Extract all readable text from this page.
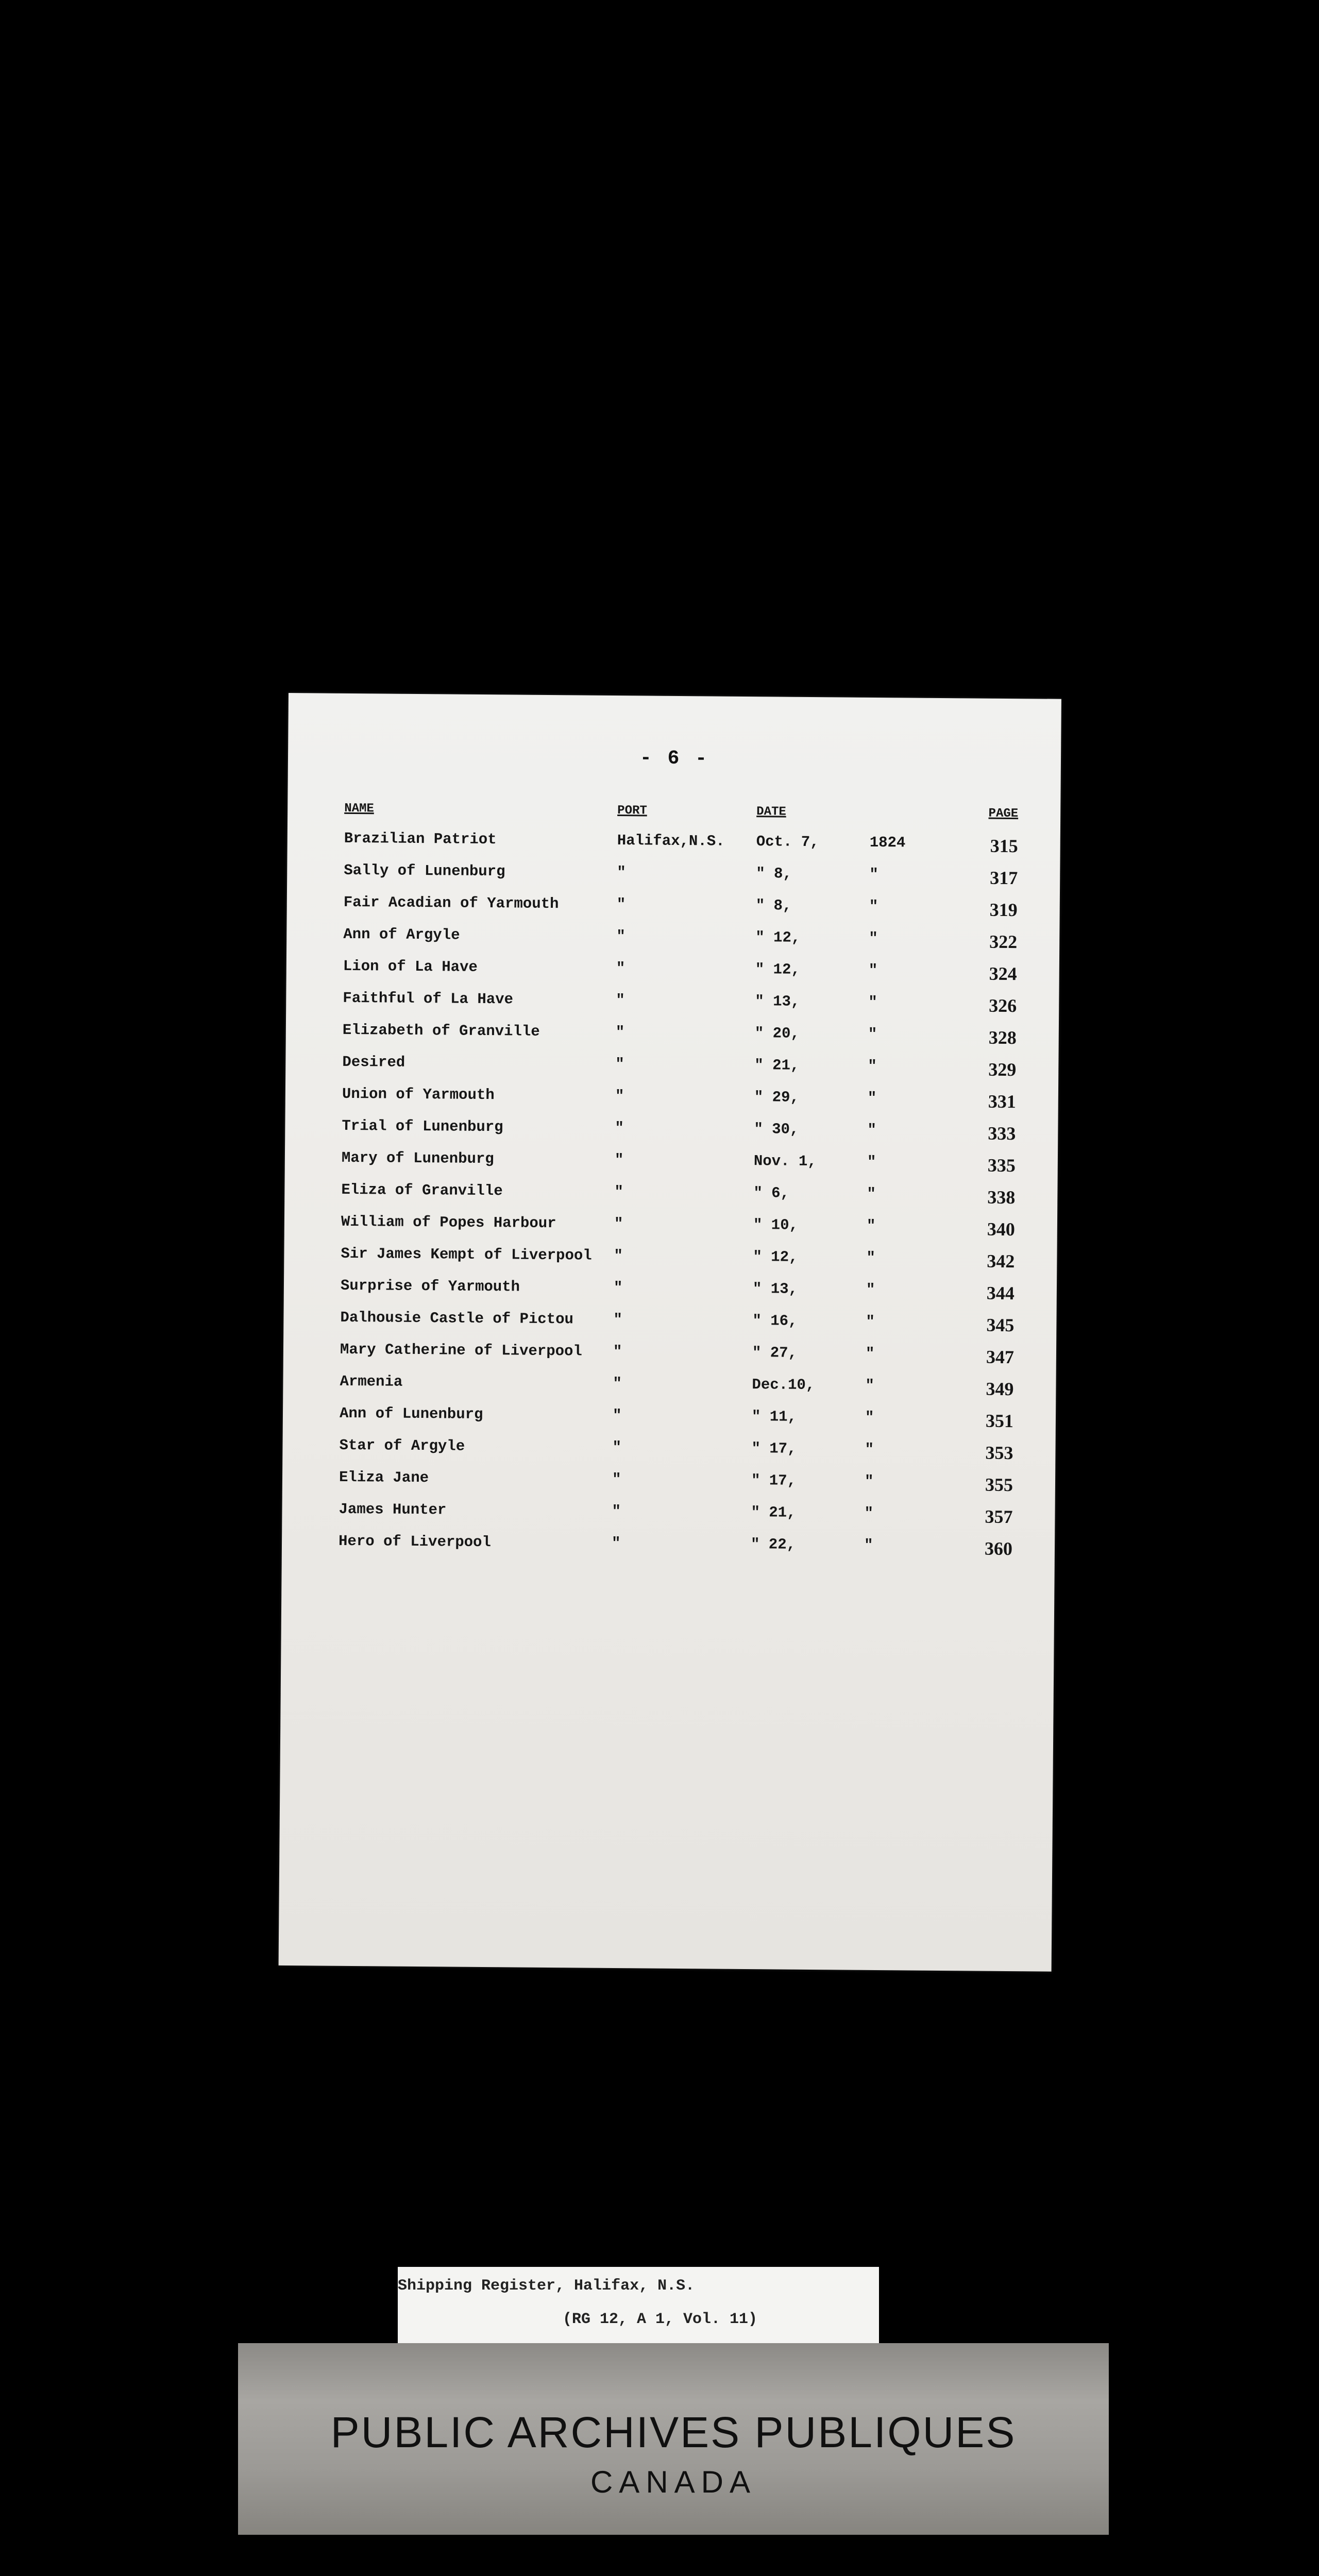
- 6 -
NAME	PORT	DATE	PAGE
Brazilian Patriot	Halifax,N.S. Oct. 7,	1824	315
Sally of Lunenburg	"	" 8,	"	317
Fair Acadian of Yarmouth	"	" 8,	"	319
Ann of Argyle	"	" 12,	"	322
Lion of La Have	"	" 12,	"	324
Faithful of La Have	"	" 13,	"	326
Elizabeth of Granville	"	" 20,	"	328
Desired	"	" 21,	"	329
Union of Yarmouth	"	" 29,	"	331
Trial of Lunenburg	"	" 30,	"	333
Mary of Lunenburg	"	Nov. 1,	"	335
Eliza of Granville	"	" 6,	"	338
William of Popes Harbour	"	" 10,	"	340
Sir James Kempt of Liverpool "	" 12,	"	342
Surprise of Yarmouth	"	" 13,	"	344
Dalhousie Castle of Pictou	"	" 16,	"	345
Mary Catherine of Liverpool "	" 27,	"	347
Armenia	"	Dec.10,	"	349
Ann of Lunenburg	"	" 11,	"	351
Star of Argyle	"	" 17,	"	353
Eliza Jane	"	" 17,	"	355
James Hunter	"	" 21,	"	357
Hero of Liverpool	"	" 22,	"	360
Shipping Register, Halifax, N.S.
(RG 12, A 1, Vol. 11)
PUBLIC ARCHIVES PUBLIQUES
CANADA
